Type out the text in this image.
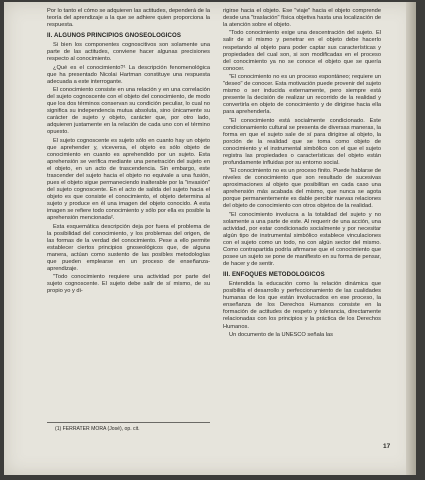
Por lo tanto el cómo se adquieren las actitudes, dependerá de la teoría del aprendizaje a la que se adhiere quien proporciona la respuesta.

II. ALGUNOS PRINCIPIOS GNOSEOLOGICOS

Si bien los componentes cognoscitivos son solamente una parte de las actitudes, conviene hacer algunas precisiones respecto al conocimiento.

¿Qué es el conocimiento?¹ La descripción fenomenológica que ha presentado Nicolai Hartman constituye una respuesta adecuada a este interrogante.

El conocimiento consiste en una relación y en una correlación del sujeto cognoscente con el objeto del conocimiento, de modo que los dos términos conservan su condición peculiar, lo cual no significa su independencia mutua absoluta, sino únicamente su carácter de sujeto y objeto, carácter que, por otro lado, adquieren justamente en la relación de cada uno con el término opuesto.

El sujeto cognoscente es sujeto sólo en cuanto hay un objeto que aprehender y, viceversa, el objeto es sólo objeto de conocimiento en cuanto es aprehendido por un sujeto. Esta aprehensión se verifica mediante una penetración del sujeto en el objeto, en un acto de trascendencia. Sin embargo, este trascender del sujeto hacia el objeto no equivale a una fusión, pues el objeto sigue permaneciendo inalterable por la "invasión" del sujeto cognoscente. En el acto de salida del sujeto hacia el objeto es que consiste el conocimiento, el objeto determina al sujeto y produce en él una imagen del objeto conocido. A esta imagen se refiere todo conocimiento y sólo por ella es posible la aprehensión mencionada².

Esta esquemática descripción deja por fuera el problema de la posibilidad del conocimiento, y los problemas del origen, de las formas de la verdad del conocimiento. Pese a ello permite establecer ciertos principios gnoseológicos que, de alguna manera, actúan como sustento de las posibles metodologías que pueden emplearse en un proceso de enseñanza-aprendizaje.

"Todo conocimiento requiere una actividad por parte del sujeto cognoscente. El sujeto debe salir de sí mismo, de su propio yo y di-

rigirse hacia el objeto. Ese "viaje" hacia el objeto comprende desde una "traslación" física objetiva hasta una localización de la atención sobre el objeto.

"Todo conocimiento exige una descentración del sujeto. El salir de sí mismo y penetrar en el objeto debe hacerlo respetando al objeto para poder captar sus características y propiedades del cual son, si son modificadas en el proceso del conocimiento ya no se conoce el objeto que se quería conocer.

"El conocimiento no es un proceso espontáneo; requiere un "deseo" de conocer. Esta motivación puede provenir del sujeto mismo o ser inducida externamente, pero siempre está presente la decisión de realizar un recorrido de la realidad y convertirla en objeto de conocimiento y de dirigirse hacia ella para aprehenderla.

"El conocimiento está socialmente condicionado. Este condicionamiento cultural se presenta de diversas maneras, la forma en que el sujeto sale de sí para dirigirse al objeto, la porción de la realidad que se toma como objeto de conocimiento y el instrumental simbólico con el que el sujeto registra las propiedades o características del objeto están profundamente influidas por su entorno social.

"El conocimiento no es un proceso finito. Puede hablarse de niveles de conocimiento que son resultado de sucesivas aproximaciones al objeto que posibilitan en cada caso una aprehensión más acabada del mismo, que nunca se agota porque permanentemente es dable percibir nuevas relaciones del objeto de conocimiento con otros objetos de la realidad.

"El conocimiento involucra a la totalidad del sujeto y no solamente a una parte de este. Al requerir de una acción, una actividad, por estar condicionado socialmente y por necesitar algún tipo de instrumental simbólico establece vinculaciones con el sujeto como un todo, no con algún sector del mismo. Como contrapartida podría afirmarse que el conocimiento que posee un sujeto se pone de manifiesto en su forma de pensar, de hacer y de sentir.

III. ENFOQUES METODOLOGICOS

Entendida la educación como la relación dinámica que posibilita el desarrollo y perfeccionamiento de las cualidades humanas de los que están involucrados en ese proceso, la enseñanza de los Derechos Humanos consiste en la formación de actitudes de respeto y tolerancia, directamente relacionadas con los principios y la práctica de los Derechos Humanos.

Un documento de la UNESCO señala las

(1) FERRATER MORA (José), op. cit.
17
